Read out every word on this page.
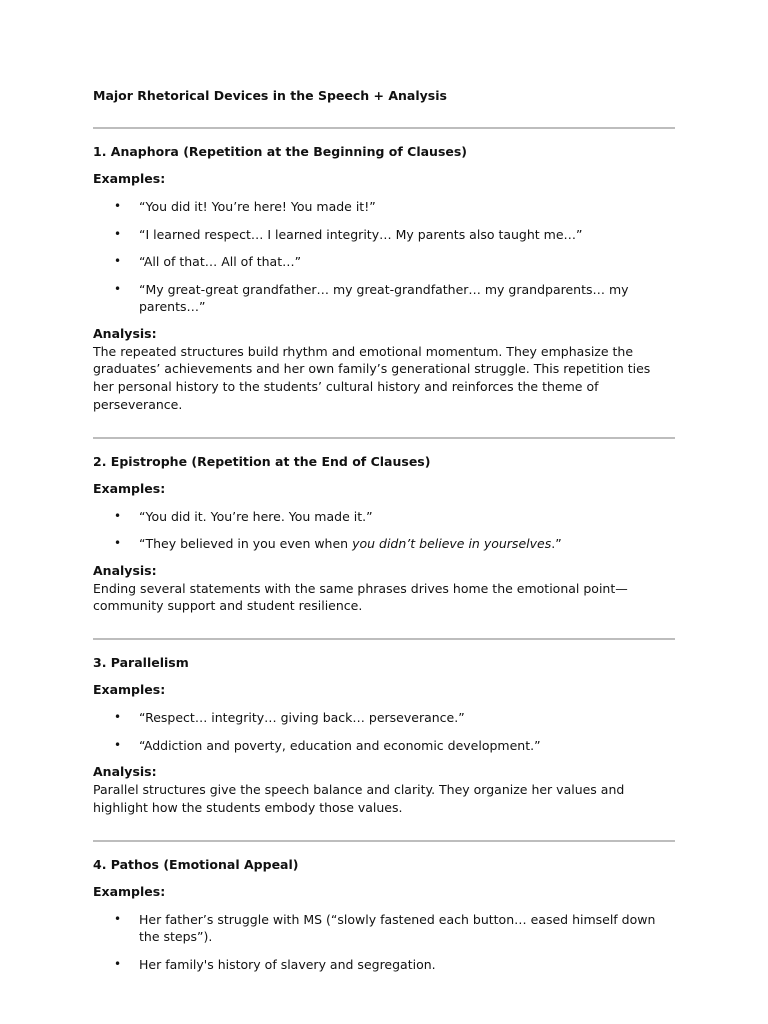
Major Rhetorical Devices in the Speech + Analysis

1. Anaphora (Repetition at the Beginning of Clauses)

Examples:

• “You did it! You’re here! You made it!”
• “I learned respect… I learned integrity… My parents also taught me…”
• “All of that… All of that…”
• “My great-great grandfather… my great-grandfather… my grandparents… my parents…”

Analysis:

The repeated structures build rhythm and emotional momentum. They emphasize the graduates’ achievements and her own family’s generational struggle. This repetition ties her personal history to the students’ cultural history and reinforces the theme of perseverance.

2. Epistrophe (Repetition at the End of Clauses)

Examples:

• “You did it. You’re here. You made it.”
• “They believed in you even when you didn’t believe in yourselves.”

Analysis:

Ending several statements with the same phrases drives home the emotional point—community support and student resilience.

3. Parallelism

Examples:

• “Respect… integrity… giving back… perseverance.”
• “Addiction and poverty, education and economic development.”

Analysis:

Parallel structures give the speech balance and clarity. They organize her values and highlight how the students embody those values.

4. Pathos (Emotional Appeal)

Examples:

• Her father’s struggle with MS (“slowly fastened each button… eased himself down the steps”).
• Her family's history of slavery and segregation.
